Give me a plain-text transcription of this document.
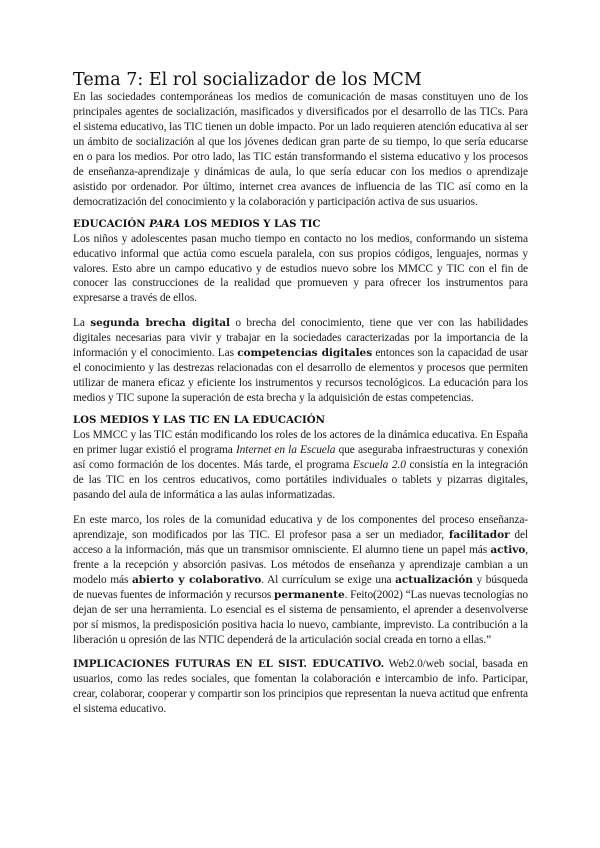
Tema 7: El rol socializador de los MCM

En las sociedades contemporáneas los medios de comunicación de masas constituyen uno de los principales agentes de socialización, masificados y diversificados por el desarrollo de las TICs. Para el sistema educativo, las TIC tienen un doble impacto. Por un lado requieren atención educativa al ser un ámbito de socialización al que los jóvenes dedican gran parte de su tiempo, lo que sería educarse en o para los medios. Por otro lado, las TIC están transformando el sistema educativo y los procesos de enseñanza-aprendizaje y dinámicas de aula, lo que sería educar con los medios o aprendizaje asistido por ordenador. Por último, internet crea avances de influencia de las TIC así como en la democratización del conocimiento y la colaboración y participación activa de sus usuarios.

EDUCACIÓN PARA LOS MEDIOS Y LAS TIC

Los niños y adolescentes pasan mucho tiempo en contacto no los medios, conformando un sistema educativo informal que actúa como escuela paralela, con sus propios códigos, lenguajes, normas y valores. Esto abre un campo educativo y de estudios nuevo sobre los MMCC y TIC con el fin de conocer las construcciones de la realidad que promueven y para ofrecer los instrumentos para expresarse a través de ellos.

La segunda brecha digital o brecha del conocimiento, tiene que ver con las habilidades digitales necesarias para vivir y trabajar en la sociedades caracterizadas por la importancia de la información y el conocimiento. Las competencias digitales entonces son la capacidad de usar el conocimiento y las destrezas relacionadas con el desarrollo de elementos y procesos que permiten utilizar de manera eficaz y eficiente los instrumentos y recursos tecnológicos. La educación para los medios y TIC supone la superación de esta brecha y la adquisición de estas competencias.

LOS MEDIOS Y LAS TIC EN LA EDUCACIÓN

Los MMCC y las TIC están modificando los roles de los actores de la dinámica educativa. En España en primer lugar existió el programa Internet en la Escuela que aseguraba infraestructuras y conexión así como formación de los docentes. Más tarde, el programa Escuela 2.0 consistía en la integración de las TIC en los centros educativos, como portátiles individuales o tablets y pizarras digitales, pasando del aula de informática a las aulas informatizadas.

En este marco, los roles de la comunidad educativa y de los componentes del proceso enseñanza-aprendizaje, son modificados por las TIC. El profesor pasa a ser un mediador, facilitador del acceso a la información, más que un transmisor omnisciente. El alumno tiene un papel más activo, frente a la recepción y absorción pasivas. Los métodos de enseñanza y aprendizaje cambian a un modelo más abierto y colaborativo. Al currículum se exige una actualización y búsqueda de nuevas fuentes de información y recursos permanente. Feito(2002) “Las nuevas tecnologías no dejan de ser una herramienta. Lo esencial es el sistema de pensamiento, el aprender a desenvolverse por sí mismos, la predisposición positiva hacia lo nuevo, cambiante, imprevisto. La contribución a la liberación u opresión de las NTIC dependerá de la articulación social creada en torno a ellas.”

IMPLICACIONES FUTURAS EN EL SIST. EDUCATIVO. Web2.0/web social, basada en usuarios, como las redes sociales, que fomentan la colaboración e intercambio de info. Participar, crear, colaborar, cooperar y compartir son los principios que representan la nueva actitud que enfrenta el sistema educativo.
